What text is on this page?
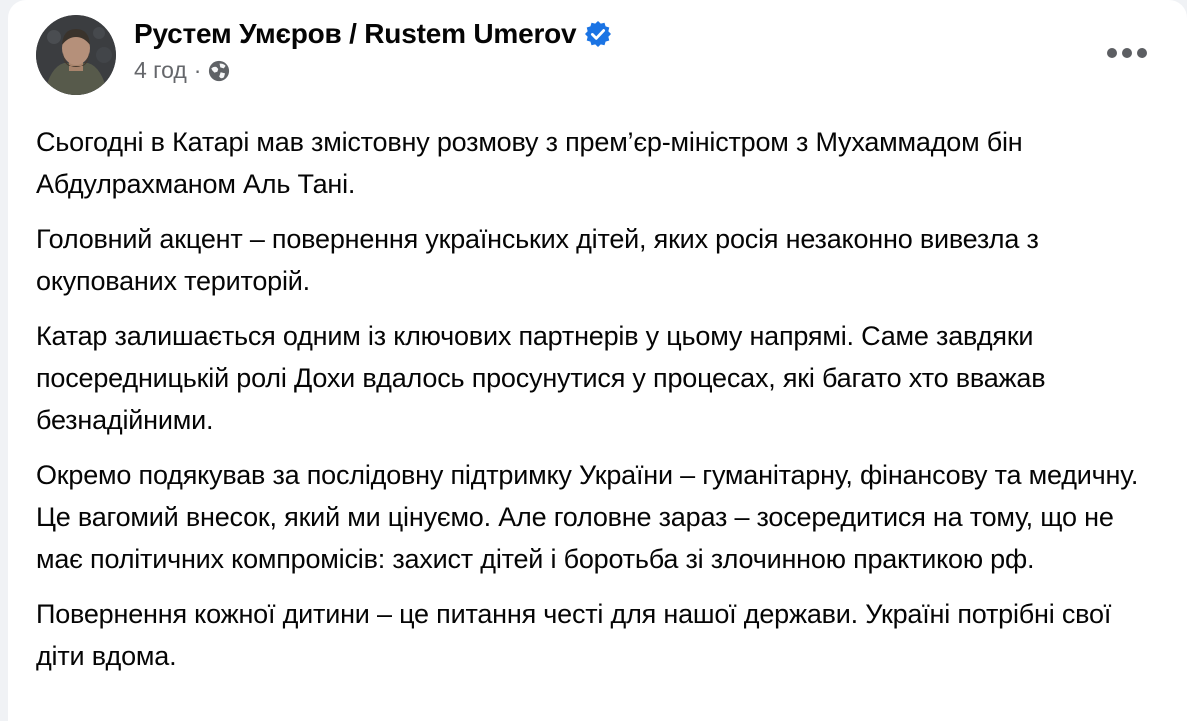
Рустем Умєров / Rustem Umerov
4 год ·

Сьогодні в Катарі мав змістовну розмову з прем’єр-міністром з Мухаммадом бін Абдулрахманом Аль Тані.

Головний акцент – повернення українських дітей, яких росія незаконно вивезла з окупованих територій.

Катар залишається одним із ключових партнерів у цьому напрямі. Саме завдяки посередницькій ролі Дохи вдалось просунутися у процесах, які багато хто вважав безнадійними.

Окремо подякував за послідовну підтримку України – гуманітарну, фінансову та медичну. Це вагомий внесок, який ми цінуємо. Але головне зараз – зосередитися на тому, що не має політичних компромісів: захист дітей і боротьба зі злочинною практикою рф.

Повернення кожної дитини – це питання честі для нашої держави. Україні потрібні свої діти вдома.
